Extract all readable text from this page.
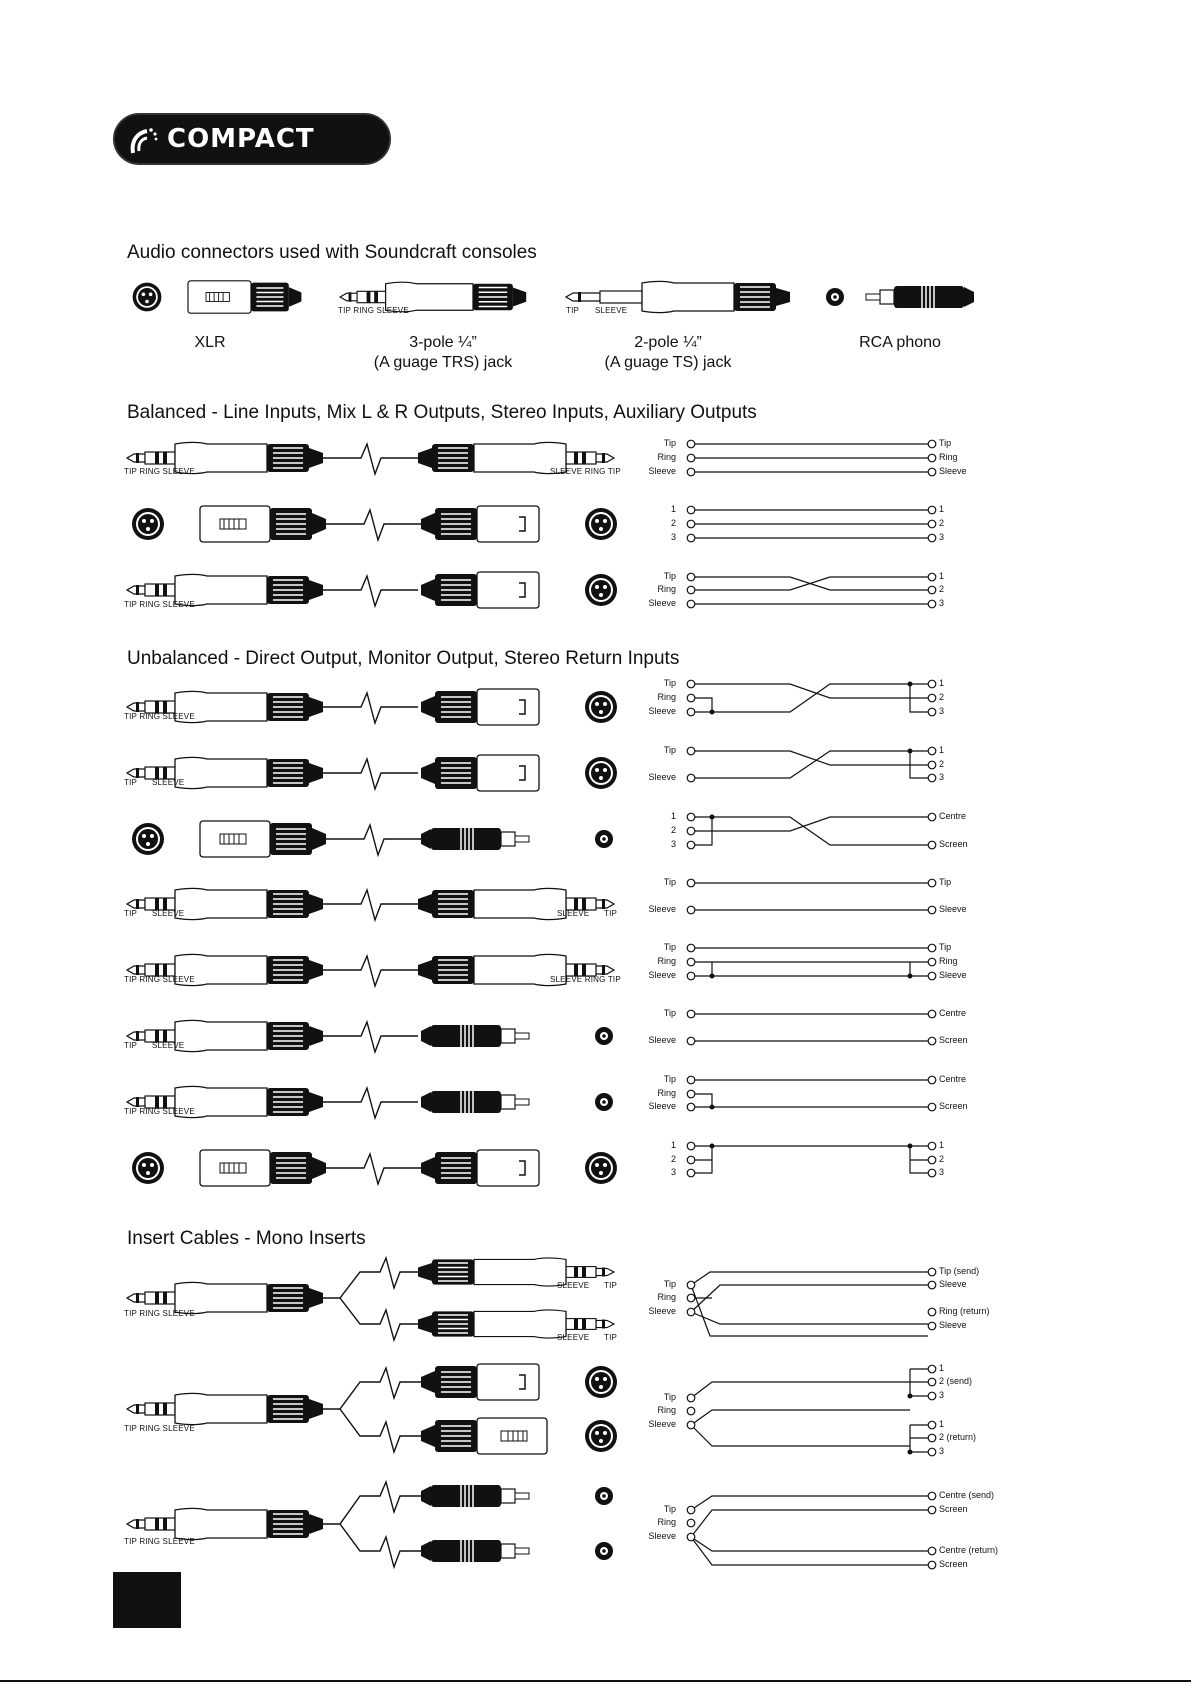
COMPACT
Audio connectors used with Soundcraft consoles
Balanced - Line Inputs, Mix L & R Outputs, Stereo Inputs, Auxiliary Outputs
Unbalanced - Direct Output, Monitor Output, Stereo Return Inputs
Insert Cables - Mono Inserts
XLR	3-pole ¼”
(A guage TRS) jack
2-pole ¼”
(A guage TS) jack
RCA phono
TIP RING SLEEVE	TIP SLEEVE
TIP RING SLEEVE	SLEEVE RING TIP
TIP RING SLEEVE
TIP RING SLEEVE
TIP SLEEVE
TIP SLEEVE	SLEEVE TIP
TIP RING SLEEVE	SLEEVE RING TIP
TIP SLEEVE
TIP RING SLEEVE
TIP RING SLEEVE
SLEEVE TIP
SLEEVE TIP
TIP RING SLEEVE
TIP RING SLEEVE
Tip
Ring
Sleeve
Tip
Ring
Sleeve
1
2
3
1
2
3
Tip
Ring
Sleeve
1
2
3
Tip
Ring
Sleeve
1
2
3
Tip
Sleeve
1
2
3
1
2
3
Centre
Screen
Tip
Sleeve
Tip
Sleeve
Tip
Ring
Sleeve
Tip
Ring
Sleeve
Tip
Sleeve
Centre
Screen
Tip
Ring
Sleeve
Centre
Screen
1
2
3
1
2
3
Tip
Ring
Sleeve
Tip (send)
Sleeve
Ring (return)
Sleeve
Tip
Ring
Sleeve
1
2 (send)
3
1
2 (return)
3
Tip
Ring
Sleeve
Centre (send)
Screen
Centre (return)
Screen
